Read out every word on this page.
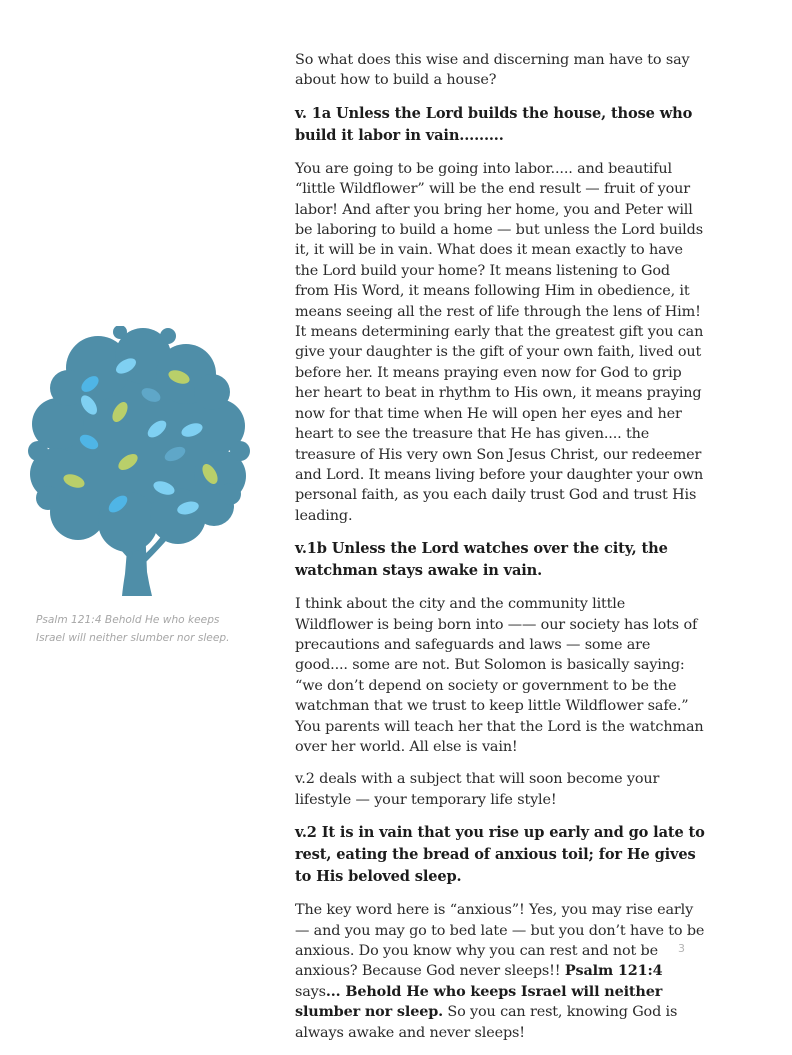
So what does this wise and discerning man have to say about how to build a house?

v. 1a Unless the Lord builds the house, those who build it labor in vain.........

You are going to be going into labor..... and beautiful “little Wildflower” will be the end result — fruit of your labor! And after you bring her home, you and Peter will be laboring to build a home — but unless the Lord builds it, it will be in vain. What does it mean exactly to have the Lord build your home? It means listening to God from His Word, it means following Him in obedience, it means seeing all the rest of life through the lens of Him! It means determining early that the greatest gift you can give your daughter is the gift of your own faith, lived out before her. It means praying even now for God to grip her heart to beat in rhythm to His own, it means praying now for that time when He will open her eyes and her heart to see the treasure that He has given.... the treasure of His very own Son Jesus Christ, our redeemer and Lord. It means living before your daughter your own personal faith, as you each daily trust God and trust His leading.

v.1b Unless the Lord watches over the city, the watchman stays awake in vain.

I think about the city and the community little Wildflower is being born into —— our society has lots of precautions and safeguards and laws — some are good.... some are not. But Solomon is basically saying: “we don’t depend on society or government to be the watchman that we trust to keep little Wildflower safe.” You parents will teach her that the Lord is the watchman over her world. All else is vain!

v.2 deals with a subject that will soon become your lifestyle — your temporary life style!

v.2 It is in vain that you rise up early and go late to rest, eating the bread of anxious toil; for He gives to His beloved sleep.

The key word here is “anxious”! Yes, you may rise early — and you may go to bed late — but you don’t have to be anxious. Do you know why you can rest and not be anxious? Because God never sleeps!! Psalm 121:4 says... Behold He who keeps Israel will neither slumber nor sleep. So you can rest, knowing God is always awake and never sleeps!

Psalm 121:4 Behold He who keeps
Israel will neither slumber nor sleep.
3
